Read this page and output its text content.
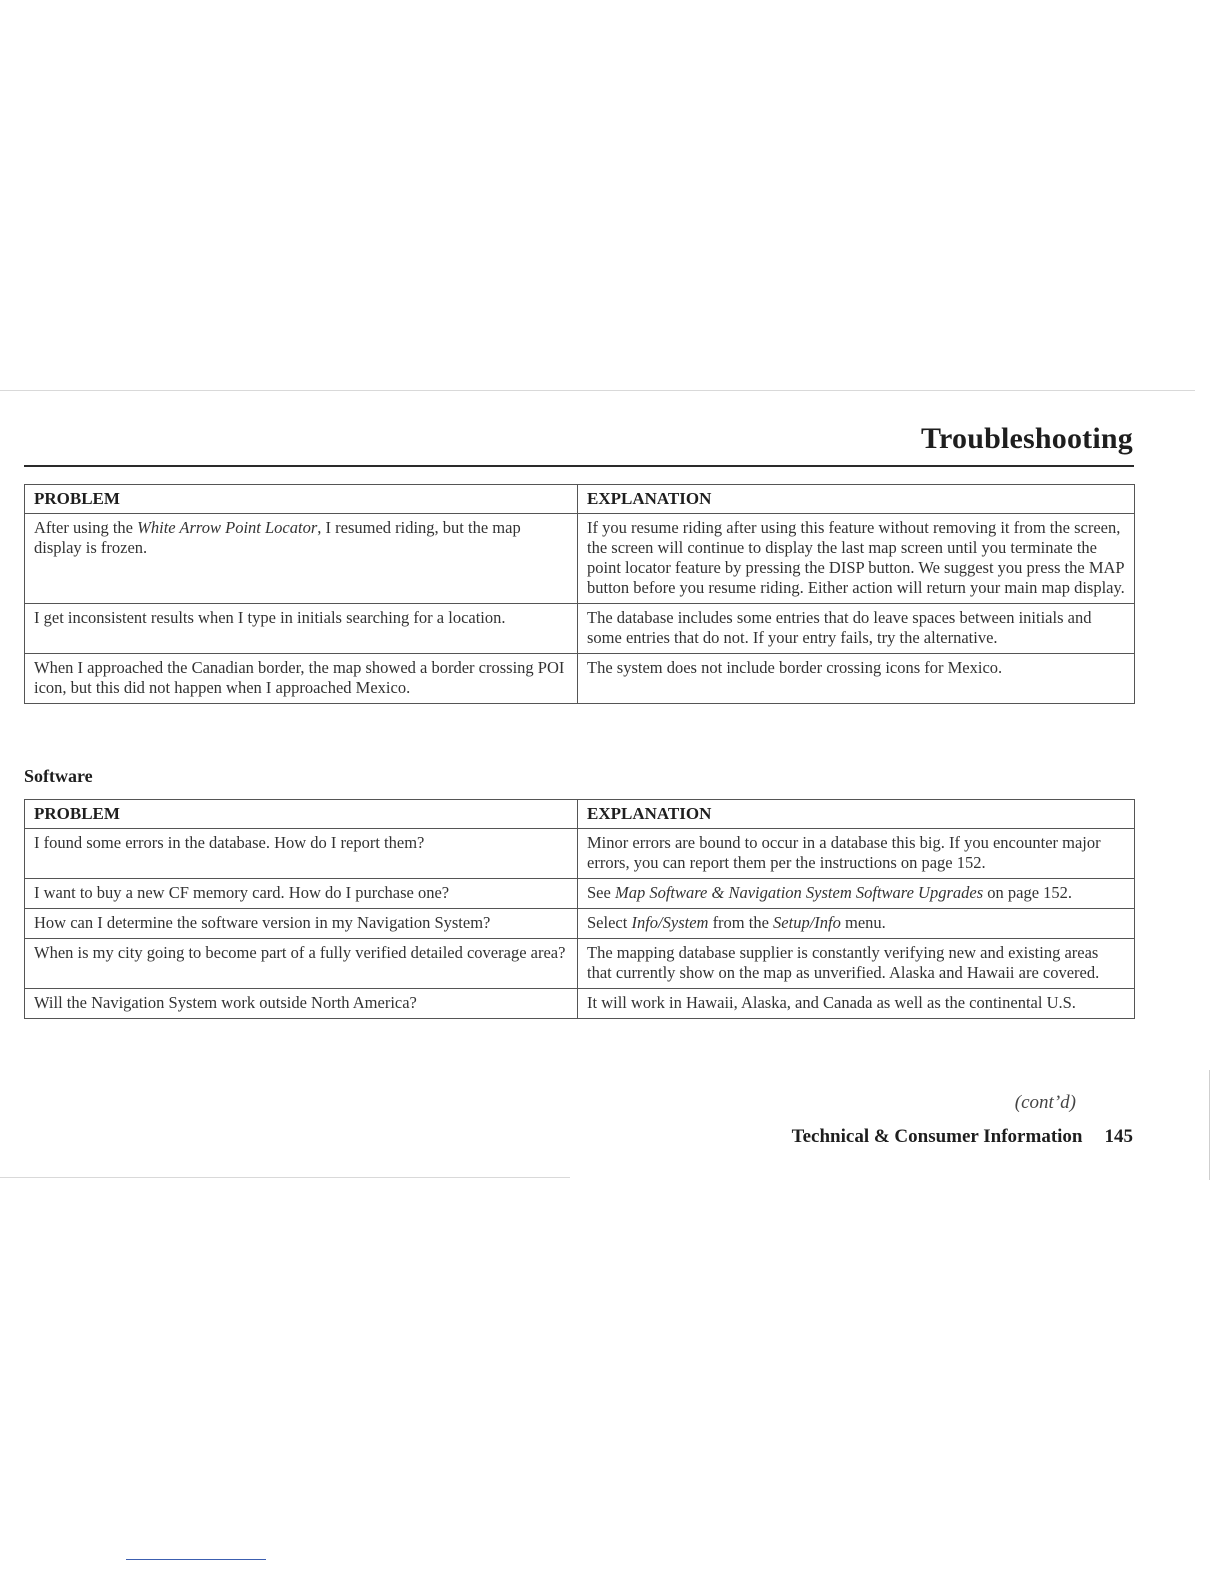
Troubleshooting
PROBLEM	EXPLANATION
After using the White Arrow Point Locator, I resumed riding, but the map display is frozen.	If you resume riding after using this feature without removing it from the screen, the screen will continue to display the last map screen until you terminate the point locator feature by pressing the DISP button. We suggest you press the MAP button before you resume riding. Either action will return your main map display.
I get inconsistent results when I type in initials searching for a location.	The database includes some entries that do leave spaces between initials and some entries that do not. If your entry fails, try the alternative.
When I approached the Canadian border, the map showed a border crossing POI icon, but this did not happen when I approached Mexico.	The system does not include border crossing icons for Mexico.
Software
PROBLEM	EXPLANATION
I found some errors in the database. How do I report them?	Minor errors are bound to occur in a database this big. If you encounter major errors, you can report them per the instructions on page 152.
I want to buy a new CF memory card. How do I purchase one?	See Map Software & Navigation System Software Upgrades on page 152.
How can I determine the software version in my Navigation System?	Select Info/System from the Setup/Info menu.
When is my city going to become part of a fully verified detailed coverage area?	The mapping database supplier is constantly verifying new and existing areas that currently show on the map as unverified. Alaska and Hawaii are covered.
Will the Navigation System work outside North America?	It will work in Hawaii, Alaska, and Canada as well as the continental U.S.
(cont’d)
Technical & Consumer Information 145
